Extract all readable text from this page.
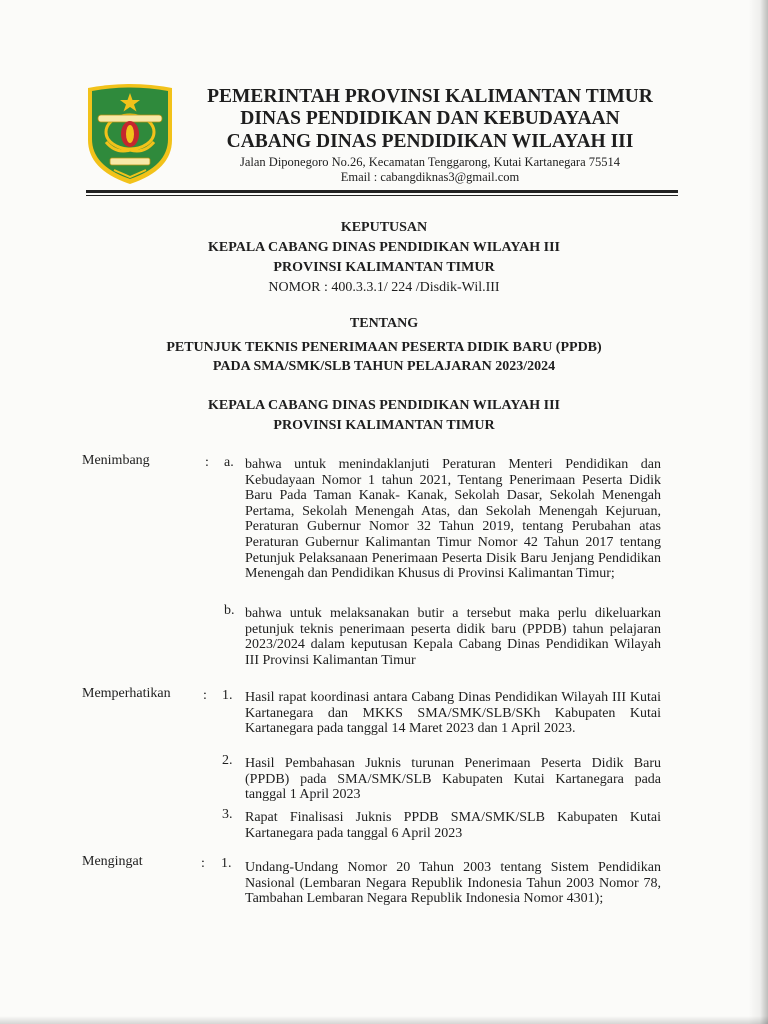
PEMERINTAH PROVINSI KALIMANTAN TIMUR
DINAS PENDIDIKAN DAN KEBUDAYAAN
CABANG DINAS PENDIDIKAN WILAYAH III
Jalan Diponegoro No.26, Kecamatan Tenggarong, Kutai Kartanegara 75514
Email : cabangdiknas3@gmail.com
KEPUTUSAN
KEPALA CABANG DINAS PENDIDIKAN WILAYAH III
PROVINSI KALIMANTAN TIMUR
NOMOR : 400.3.3.1/ 224 /Disdik-Wil.III
TENTANG
PETUNJUK TEKNIS PENERIMAAN PESERTA DIDIK BARU (PPDB)
PADA SMA/SMK/SLB TAHUN PELAJARAN 2023/2024
KEPALA CABANG DINAS PENDIDIKAN WILAYAH III
PROVINSI KALIMANTAN TIMUR
Menimbang	: a. bahwa untuk menindaklanjuti Peraturan Menteri Pendidikan dan Kebudayaan Nomor 1 tahun 2021, Tentang Penerimaan Peserta Didik Baru Pada Taman Kanak- Kanak, Sekolah Dasar, Sekolah Menengah Pertama, Sekolah Menengah Atas, dan Sekolah Menengah Kejuruan, Peraturan Gubernur Nomor 32 Tahun 2019, tentang Perubahan atas Peraturan Gubernur Kalimantan Timur Nomor 42 Tahun 2017 tentang Petunjuk Pelaksanaan Penerimaan Peserta Disik Baru Jenjang Pendidikan Menengah dan Pendidikan Khusus di Provinsi Kalimantan Timur;
b. bahwa untuk melaksanakan butir a tersebut maka perlu dikeluarkan petunjuk teknis penerimaan peserta didik baru (PPDB) tahun pelajaran 2023/2024 dalam keputusan Kepala Cabang Dinas Pendidikan Wilayah III Provinsi Kalimantan Timur
Memperhatikan : 1. Hasil rapat koordinasi antara Cabang Dinas Pendidikan Wilayah III Kutai Kartanegara dan MKKS SMA/SMK/SLB/SKh Kabupaten Kutai Kartanegara pada tanggal 14 Maret 2023 dan 1 April 2023.
2. Hasil Pembahasan Juknis turunan Penerimaan Peserta Didik Baru (PPDB) pada SMA/SMK/SLB Kabupaten Kutai Kartanegara pada tanggal 1 April 2023
3. Rapat Finalisasi Juknis PPDB SMA/SMK/SLB Kabupaten Kutai Kartanegara pada tanggal 6 April 2023
Mengingat	: 1. Undang-Undang Nomor 20 Tahun 2003 tentang Sistem Pendidikan Nasional (Lembaran Negara Republik Indonesia Tahun 2003 Nomor 78, Tambahan Lembaran Negara Republik Indonesia Nomor 4301);
